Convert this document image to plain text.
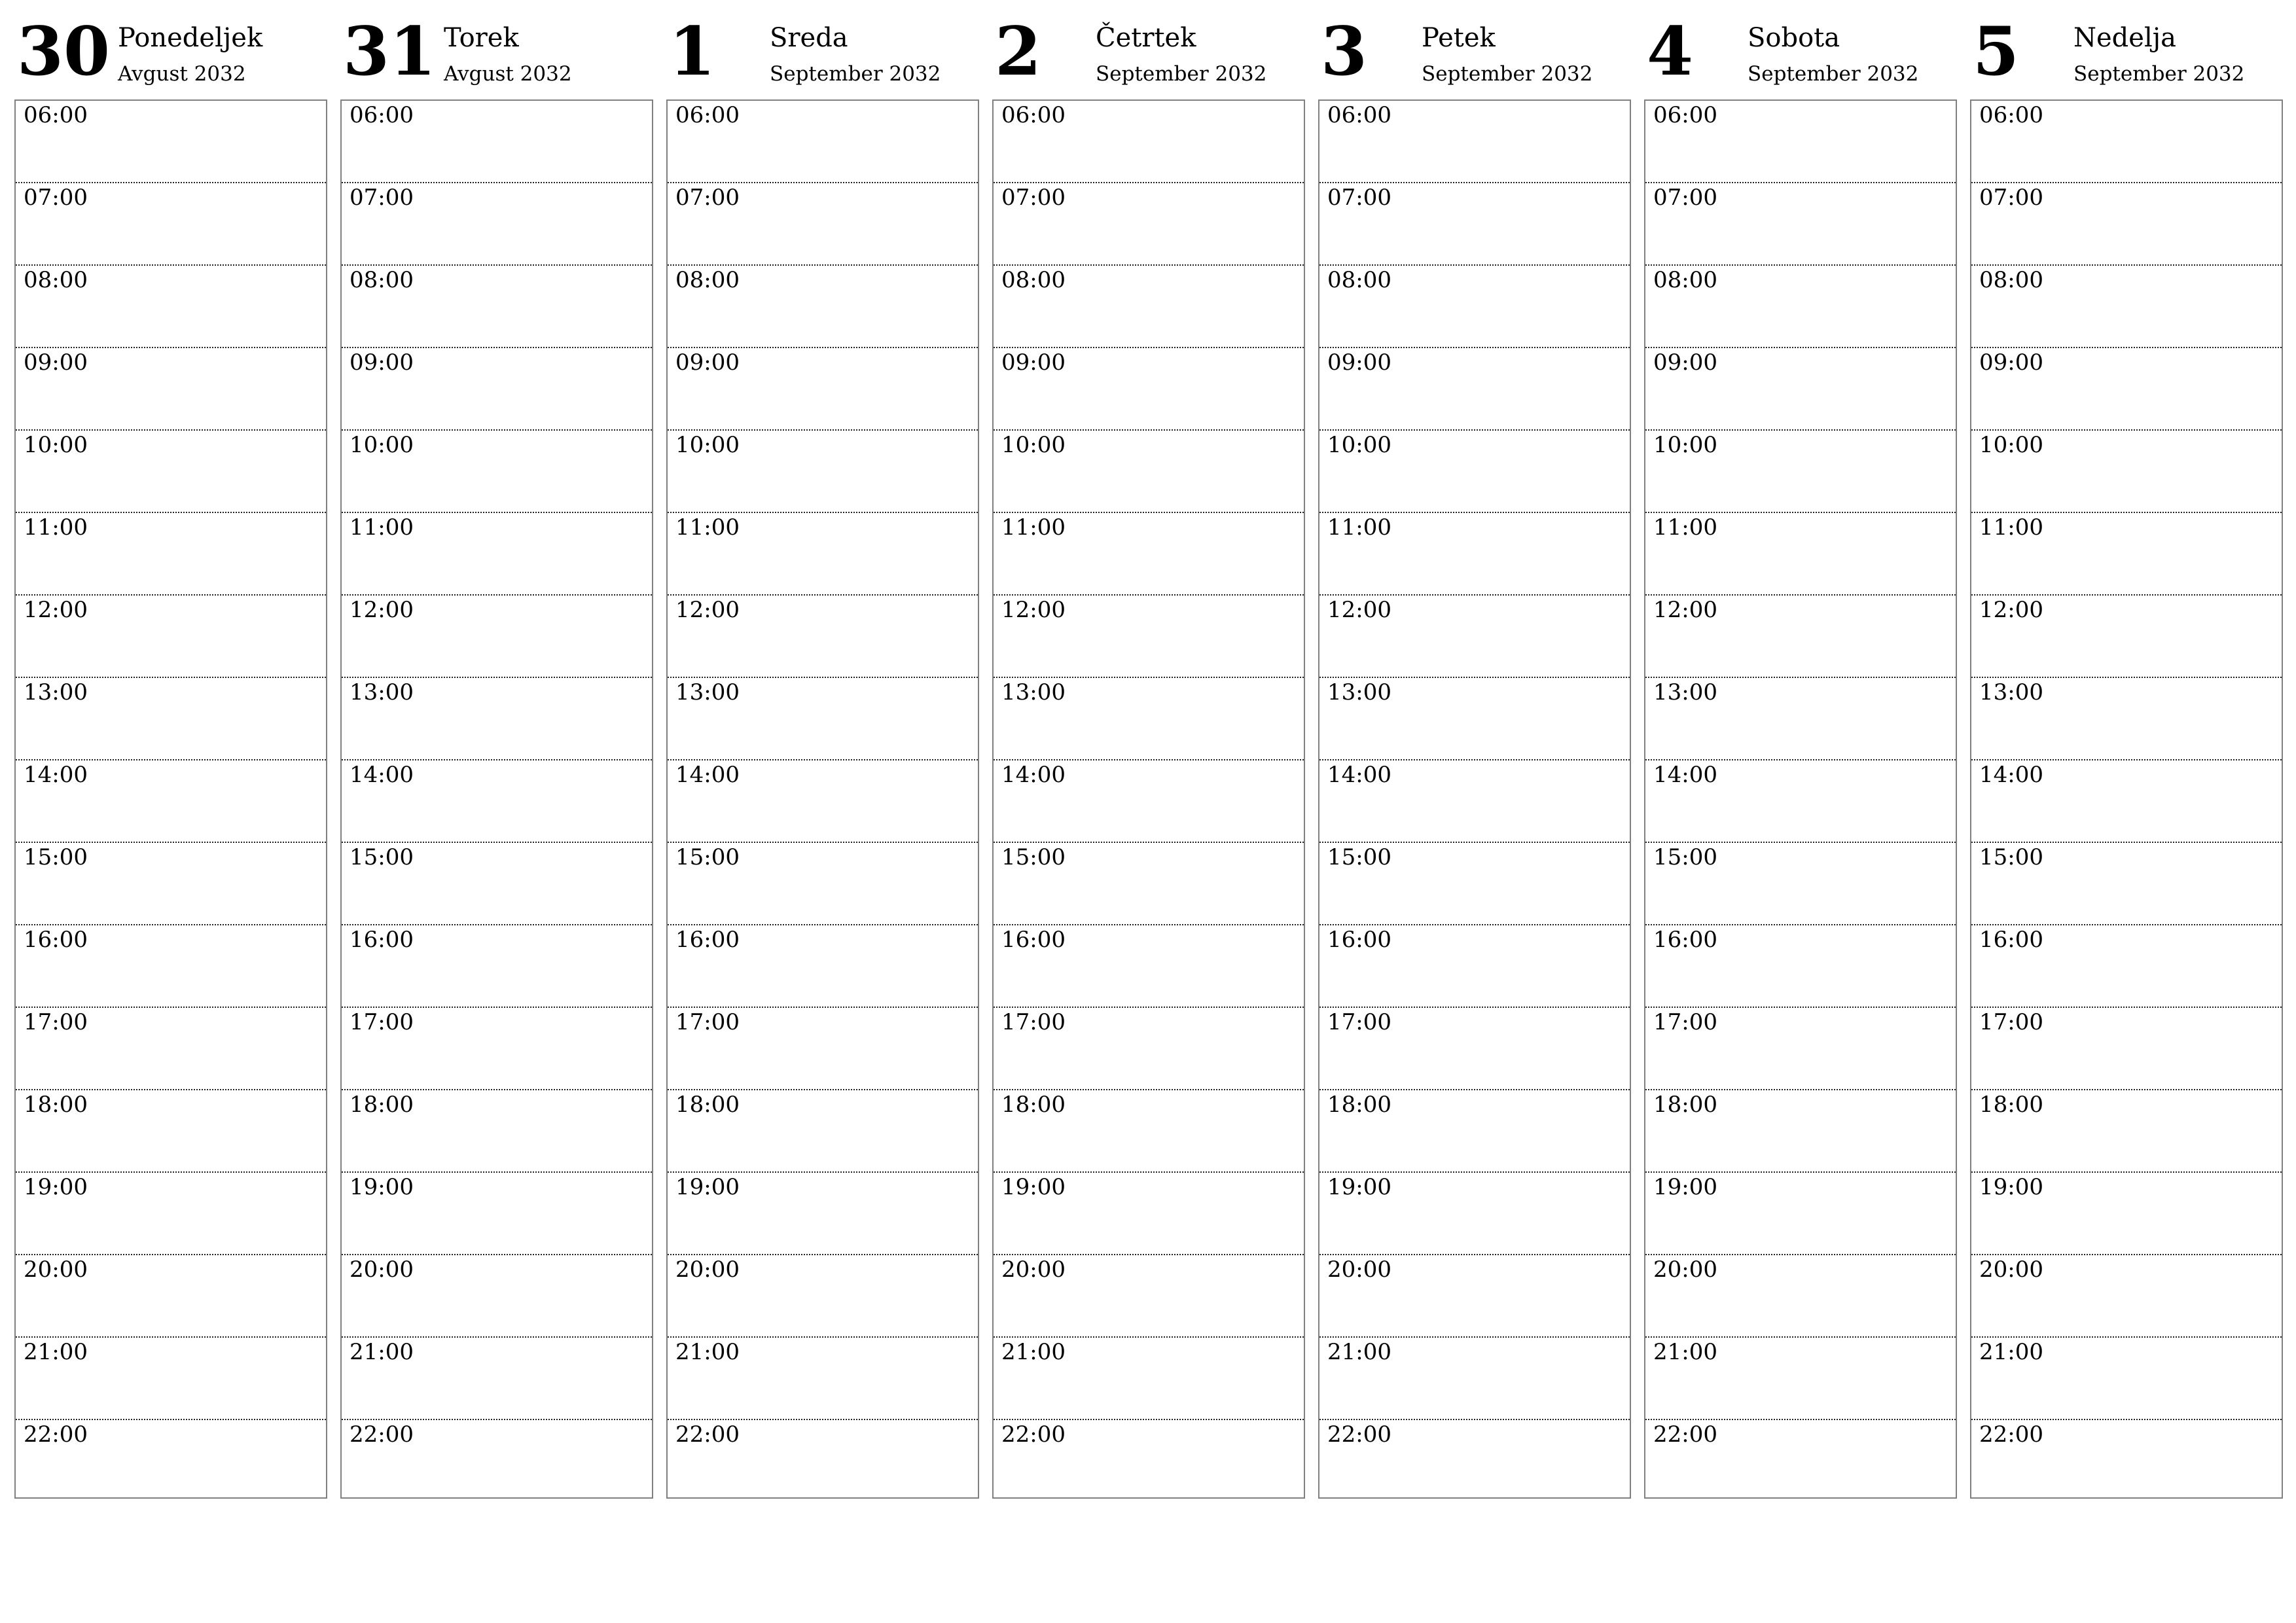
30 Ponedeljek
Avgust 2032
06:00
07:00
08:00
09:00
10:00
11:00
12:00
13:00
14:00
15:00
16:00
17:00
18:00
19:00
20:00
21:00
22:00
31 Torek
Avgust 2032
06:00
07:00
08:00
09:00
10:00
11:00
12:00
13:00
14:00
15:00
16:00
17:00
18:00
19:00
20:00
21:00
22:00
1 Sreda
September 2032
06:00
07:00
08:00
09:00
10:00
11:00
12:00
13:00
14:00
15:00
16:00
17:00
18:00
19:00
20:00
21:00
22:00
2 Četrtek
September 2032
06:00
07:00
08:00
09:00
10:00
11:00
12:00
13:00
14:00
15:00
16:00
17:00
18:00
19:00
20:00
21:00
22:00
3 Petek
September 2032
06:00
07:00
08:00
09:00
10:00
11:00
12:00
13:00
14:00
15:00
16:00
17:00
18:00
19:00
20:00
21:00
22:00
4 Sobota
September 2032
06:00
07:00
08:00
09:00
10:00
11:00
12:00
13:00
14:00
15:00
16:00
17:00
18:00
19:00
20:00
21:00
22:00
5 Nedelja
September 2032
06:00
07:00
08:00
09:00
10:00
11:00
12:00
13:00
14:00
15:00
16:00
17:00
18:00
19:00
20:00
21:00
22:00
